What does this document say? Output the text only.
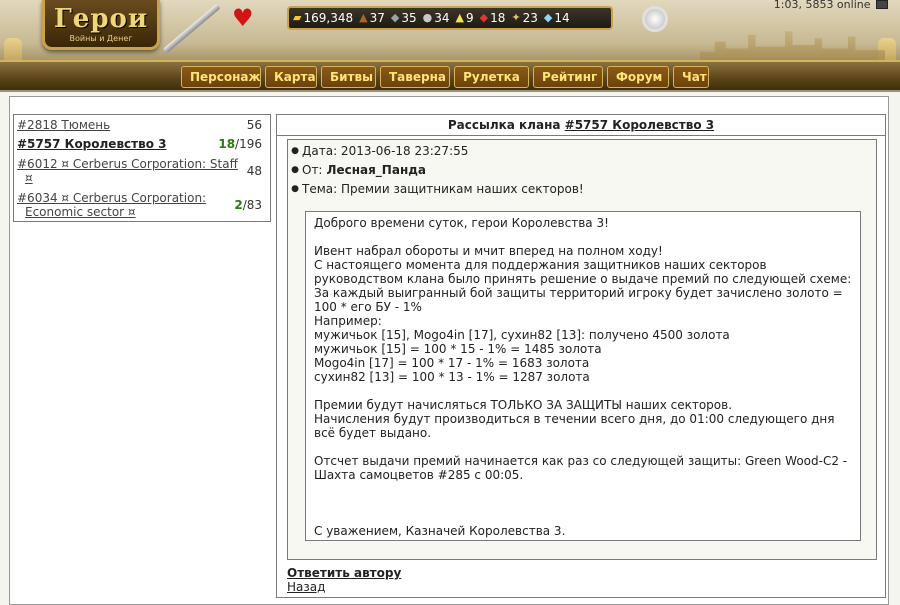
Герои
Войны и Денег
♥	▰ 169,348 ▲ 37 ◆ 35 ● 34 ▲ 9 ◆ 18 ✦ 23 ◆ 14
1:03, 5853 online
Персонаж	Карта	Битвы	Таверна	Рулетка	Рейтинг	Форум	Чат
#2818 Тюмень	56
#5757 Королевство 3	18/196
#6012 ¤ Cerberus Corporation: Staff ¤	48
#6034 ¤ Cerberus Corporation: Economic sector ¤	2/83
Рассылка клана #5757 Королевство 3
● Дата: 2013-06-18 23:27:55
● От: Лесная_Панда
● Тема: Премии защитникам наших секторов!

Доброго времени суток, герои Королевства 3!

Ивент набрал обороты и мчит вперед на полном ходу!
С настоящего момента для поддержания защитников наших секторов руководством клана было принять решение о выдаче премий по следующей схеме:
За каждый выигранный бой защиты территорий игроку будет зачислено золото = 100 * его БУ - 1%
Например:
мужичьок [15], Mogo4in [17], сухин82 [13]: получено 4500 золота
мужичьок [15] = 100 * 15 - 1% = 1485 золота
Mogo4in [17] = 100 * 17 - 1% = 1683 золота
сухин82 [13] = 100 * 13 - 1% = 1287 золота

Премии будут начисляться ТОЛЬКО ЗА ЗАЩИТЫ наших секторов.
Начисления будут производиться в течении всего дня, до 01:00 следующего дня всё будет выдано.

Отсчет выдачи премий начинается как раз со следующей защиты: Green Wood-C2 - Шахта самоцветов #285 с 00:05.

С уважением, Казначей Королевства 3.

Ответить автору
Назад
